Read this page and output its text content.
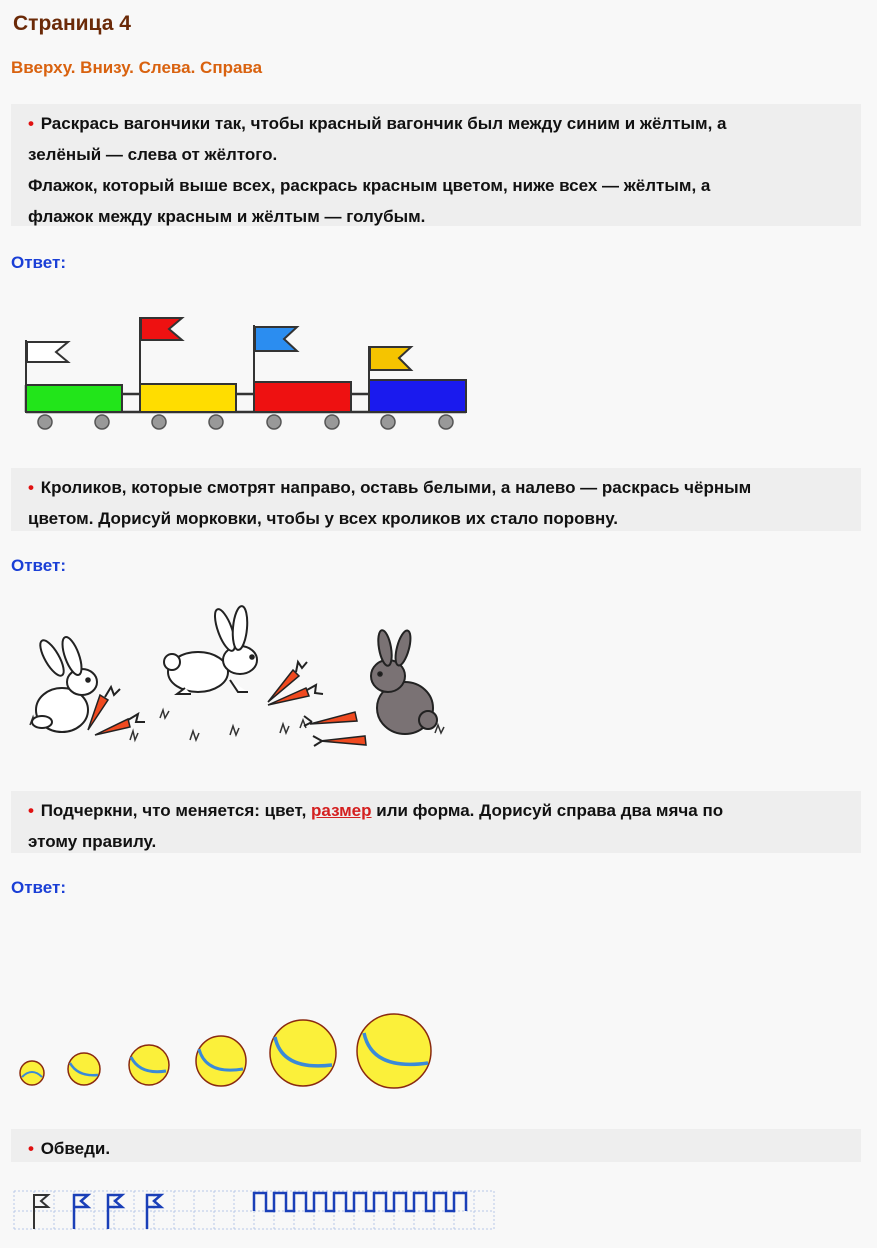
Страница 4
Вверху. Внизу. Слева. Справа
• Раскрась вагончики так, чтобы красный вагончик был между синим и жёлтым, а
зелёный — слева от жёлтого.
Флажок, который выше всех, раскрась красным цветом, ниже всех — жёлтым, а
флажок между красным и жёлтым — голубым.
Ответ:
• Кроликов, которые смотрят направо, оставь белыми, а налево — раскрась чёрным
цветом. Дорисуй морковки, чтобы у всех кроликов их стало поровну.
Ответ:
• Подчеркни, что меняется: цвет, размер или форма. Дорисуй справа два мяча по
этому правилу.
Ответ:
• Обведи.
